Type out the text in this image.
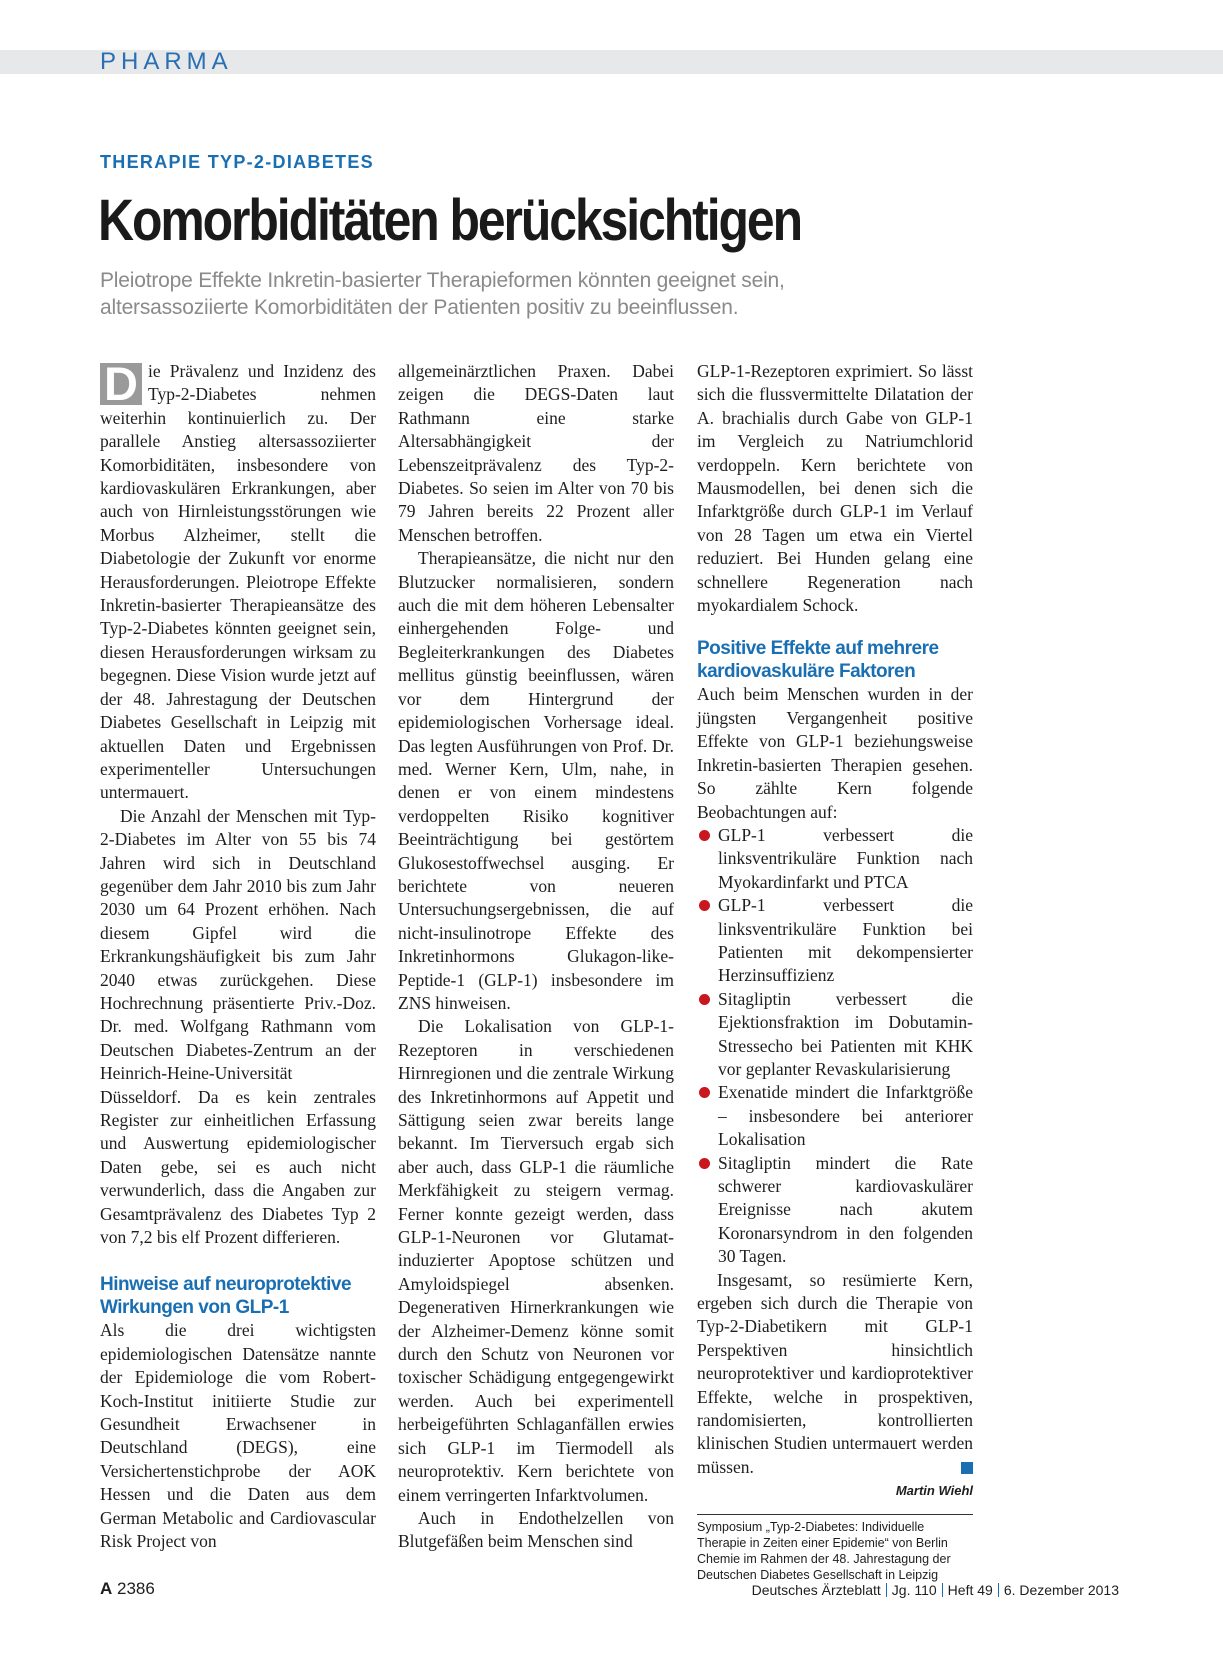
PHARMA
THERAPIE TYP-2-DIABETES
Komorbiditäten berücksichtigen
Pleiotrope Effekte Inkretin-basierter Therapieformen könnten geeignet sein,
altersassoziierte Komorbiditäten der Patienten positiv zu beeinflussen.

D ie Prävalenz und Inzidenz des Typ-2-Diabetes nehmen weiterhin kontinuierlich zu. Der parallele Anstieg altersassoziierter Komorbiditäten, insbesondere von kardiovaskulären Erkrankungen, aber auch von Hirnleistungsstörungen wie Morbus Alzheimer, stellt die Diabetologie der Zukunft vor enorme Herausforderungen. Pleiotrope Effekte Inkretin-basierter Therapieansätze des Typ-2-Diabetes könnten geeignet sein, diesen Herausforderungen wirksam zu begegnen. Diese Vision wurde jetzt auf der 48. Jahrestagung der Deutschen Diabetes Gesellschaft in Leipzig mit aktuellen Daten und Ergebnissen experimenteller Untersuchungen untermauert.

Die Anzahl der Menschen mit Typ-2-Diabetes im Alter von 55 bis 74 Jahren wird sich in Deutschland gegenüber dem Jahr 2010 bis zum Jahr 2030 um 64 Prozent erhöhen. Nach diesem Gipfel wird die Erkrankungshäufigkeit bis zum Jahr 2040 etwas zurückgehen. Diese Hochrechnung präsentierte Priv.-Doz. Dr. med. Wolfgang Rathmann vom Deutschen Diabetes-Zentrum an der Heinrich-Heine-Universität Düsseldorf. Da es kein zentrales Register zur einheitlichen Erfassung und Auswertung epidemiologischer Daten gebe, sei es auch nicht verwunderlich, dass die Angaben zur Gesamtprävalenz des Diabetes Typ 2 von 7,2 bis elf Prozent differieren.

Hinweise auf neuroprotektive Wirkungen von GLP-1

Als die drei wichtigsten epidemiologischen Datensätze nannte der Epidemiologe die vom Robert-Koch-Institut initiierte Studie zur Gesundheit Erwachsener in Deutschland (DEGS), eine Versichertenstichprobe der AOK Hessen und die Daten aus dem German Metabolic and Cardiovascular Risk Project von

allgemeinärztlichen Praxen. Dabei zeigen die DEGS-Daten laut Rathmann eine starke Altersabhängigkeit der Lebenszeitprävalenz des Typ-2-Diabetes. So seien im Alter von 70 bis 79 Jahren bereits 22 Prozent aller Menschen betroffen.

Therapieansätze, die nicht nur den Blutzucker normalisieren, sondern auch die mit dem höheren Lebensalter einhergehenden Folge- und Begleiterkrankungen des Diabetes mellitus günstig beeinflussen, wären vor dem Hintergrund der epidemiologischen Vorhersage ideal. Das legten Ausführungen von Prof. Dr. med. Werner Kern, Ulm, nahe, in denen er von einem mindestens verdoppelten Risiko kognitiver Beeinträchtigung bei gestörtem Glukosestoffwechsel ausging. Er berichtete von neueren Untersuchungsergebnissen, die auf nicht-insulinotrope Effekte des Inkretinhormons Glukagon-like-Peptide-1 (GLP-1) insbesondere im ZNS hinweisen.

Die Lokalisation von GLP-1-Rezeptoren in verschiedenen Hirnregionen und die zentrale Wirkung des Inkretinhormons auf Appetit und Sättigung seien zwar bereits lange bekannt. Im Tierversuch ergab sich aber auch, dass GLP-1 die räumliche Merkfähigkeit zu steigern vermag. Ferner konnte gezeigt werden, dass GLP-1-Neuronen vor Glutamat-induzierter Apoptose schützen und Amyloidspiegel absenken. Degenerativen Hirnerkrankungen wie der Alzheimer-Demenz könne somit durch den Schutz von Neuronen vor toxischer Schädigung entgegengewirkt werden. Auch bei experimentell herbeigeführten Schlaganfällen erwies sich GLP-1 im Tiermodell als neuroprotektiv. Kern berichtete von einem verringerten Infarktvolumen.

Auch in Endothelzellen von Blutgefäßen beim Menschen sind

GLP-1-Rezeptoren exprimiert. So lässt sich die flussvermittelte Dilatation der A. brachialis durch Gabe von GLP-1 im Vergleich zu Natriumchlorid verdoppeln. Kern berichtete von Mausmodellen, bei denen sich die Infarktgröße durch GLP-1 im Verlauf von 28 Tagen um etwa ein Viertel reduziert. Bei Hunden gelang eine schnellere Regeneration nach myokardialem Schock.

Positive Effekte auf mehrere kardiovaskuläre Faktoren

Auch beim Menschen wurden in der jüngsten Vergangenheit positive Effekte von GLP-1 beziehungsweise Inkretin-basierten Therapien gesehen. So zählte Kern folgende Beobachtungen auf:

GLP-1 verbessert die linksventrikuläre Funktion nach Myokardinfarkt und PTCA
GLP-1 verbessert die linksventrikuläre Funktion bei Patienten mit dekompensierter Herzinsuffizienz
Sitagliptin verbessert die Ejektionsfraktion im Dobutamin-Stressecho bei Patienten mit KHK vor geplanter Revaskularisierung
Exenatide mindert die Infarktgröße – insbesondere bei anteriorer Lokalisation
Sitagliptin mindert die Rate schwerer kardiovaskulärer Ereignisse nach akutem Koronarsyndrom in den folgenden 30 Tagen.

Insgesamt, so resümierte Kern, ergeben sich durch die Therapie von Typ-2-Diabetikern mit GLP-1 Perspektiven hinsichtlich neuroprotektiver und kardioprotektiver Effekte, welche in prospektiven, randomisierten, kontrollierten klinischen Studien untermauert werden müssen.

Martin Wiehl
Symposium „Typ-2-Diabetes: Individuelle Therapie in Zeiten einer Epidemie“ von Berlin Chemie im Rahmen der 48. Jahrestagung der Deutschen Diabetes Gesellschaft in Leipzig
A 2386	Deutsches Ärzteblatt Jg. 110 Heft 49 6. Dezember 2013
